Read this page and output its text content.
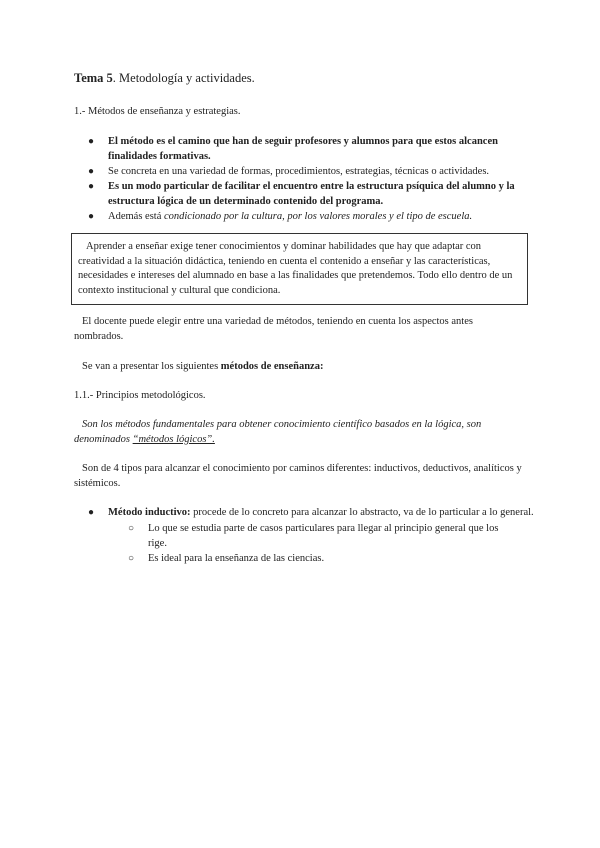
Tema 5. Metodología y actividades.
1.- Métodos de enseñanza y estrategias.
● El método es el camino que han de seguir profesores y alumnos para que estos alcancen finalidades formativas.
● Se concreta en una variedad de formas, procedimientos, estrategias, técnicas o actividades.
● Es un modo particular de facilitar el encuentro entre la estructura psíquica del alumno y la estructura lógica de un determinado contenido del programa.
● Además está condicionado por la cultura, por los valores morales y el tipo de escuela.
Aprender a enseñar exige tener conocimientos y dominar habilidades que hay que adaptar con creatividad a la situación didáctica, teniendo en cuenta el contenido a enseñar y las características, necesidades e intereses del alumnado en base a las finalidades que pretendemos. Todo ello dentro de un contexto institucional y cultural que condiciona.
El docente puede elegir entre una variedad de métodos, teniendo en cuenta los aspectos antes nombrados.
Se van a presentar los siguientes métodos de enseñanza:
1.1.- Principios metodológicos.
Son los métodos fundamentales para obtener conocimiento científico basados en la lógica, son denominados “métodos lógicos”.
Son de 4 tipos para alcanzar el conocimiento por caminos diferentes: inductivos, deductivos, analíticos y sistémicos.
● Método inductivo: procede de lo concreto para alcanzar lo abstracto, va de lo particular a lo general.
○ Lo que se estudia parte de casos particulares para llegar al principio general que los rige.
○ Es ideal para la enseñanza de las ciencias.
